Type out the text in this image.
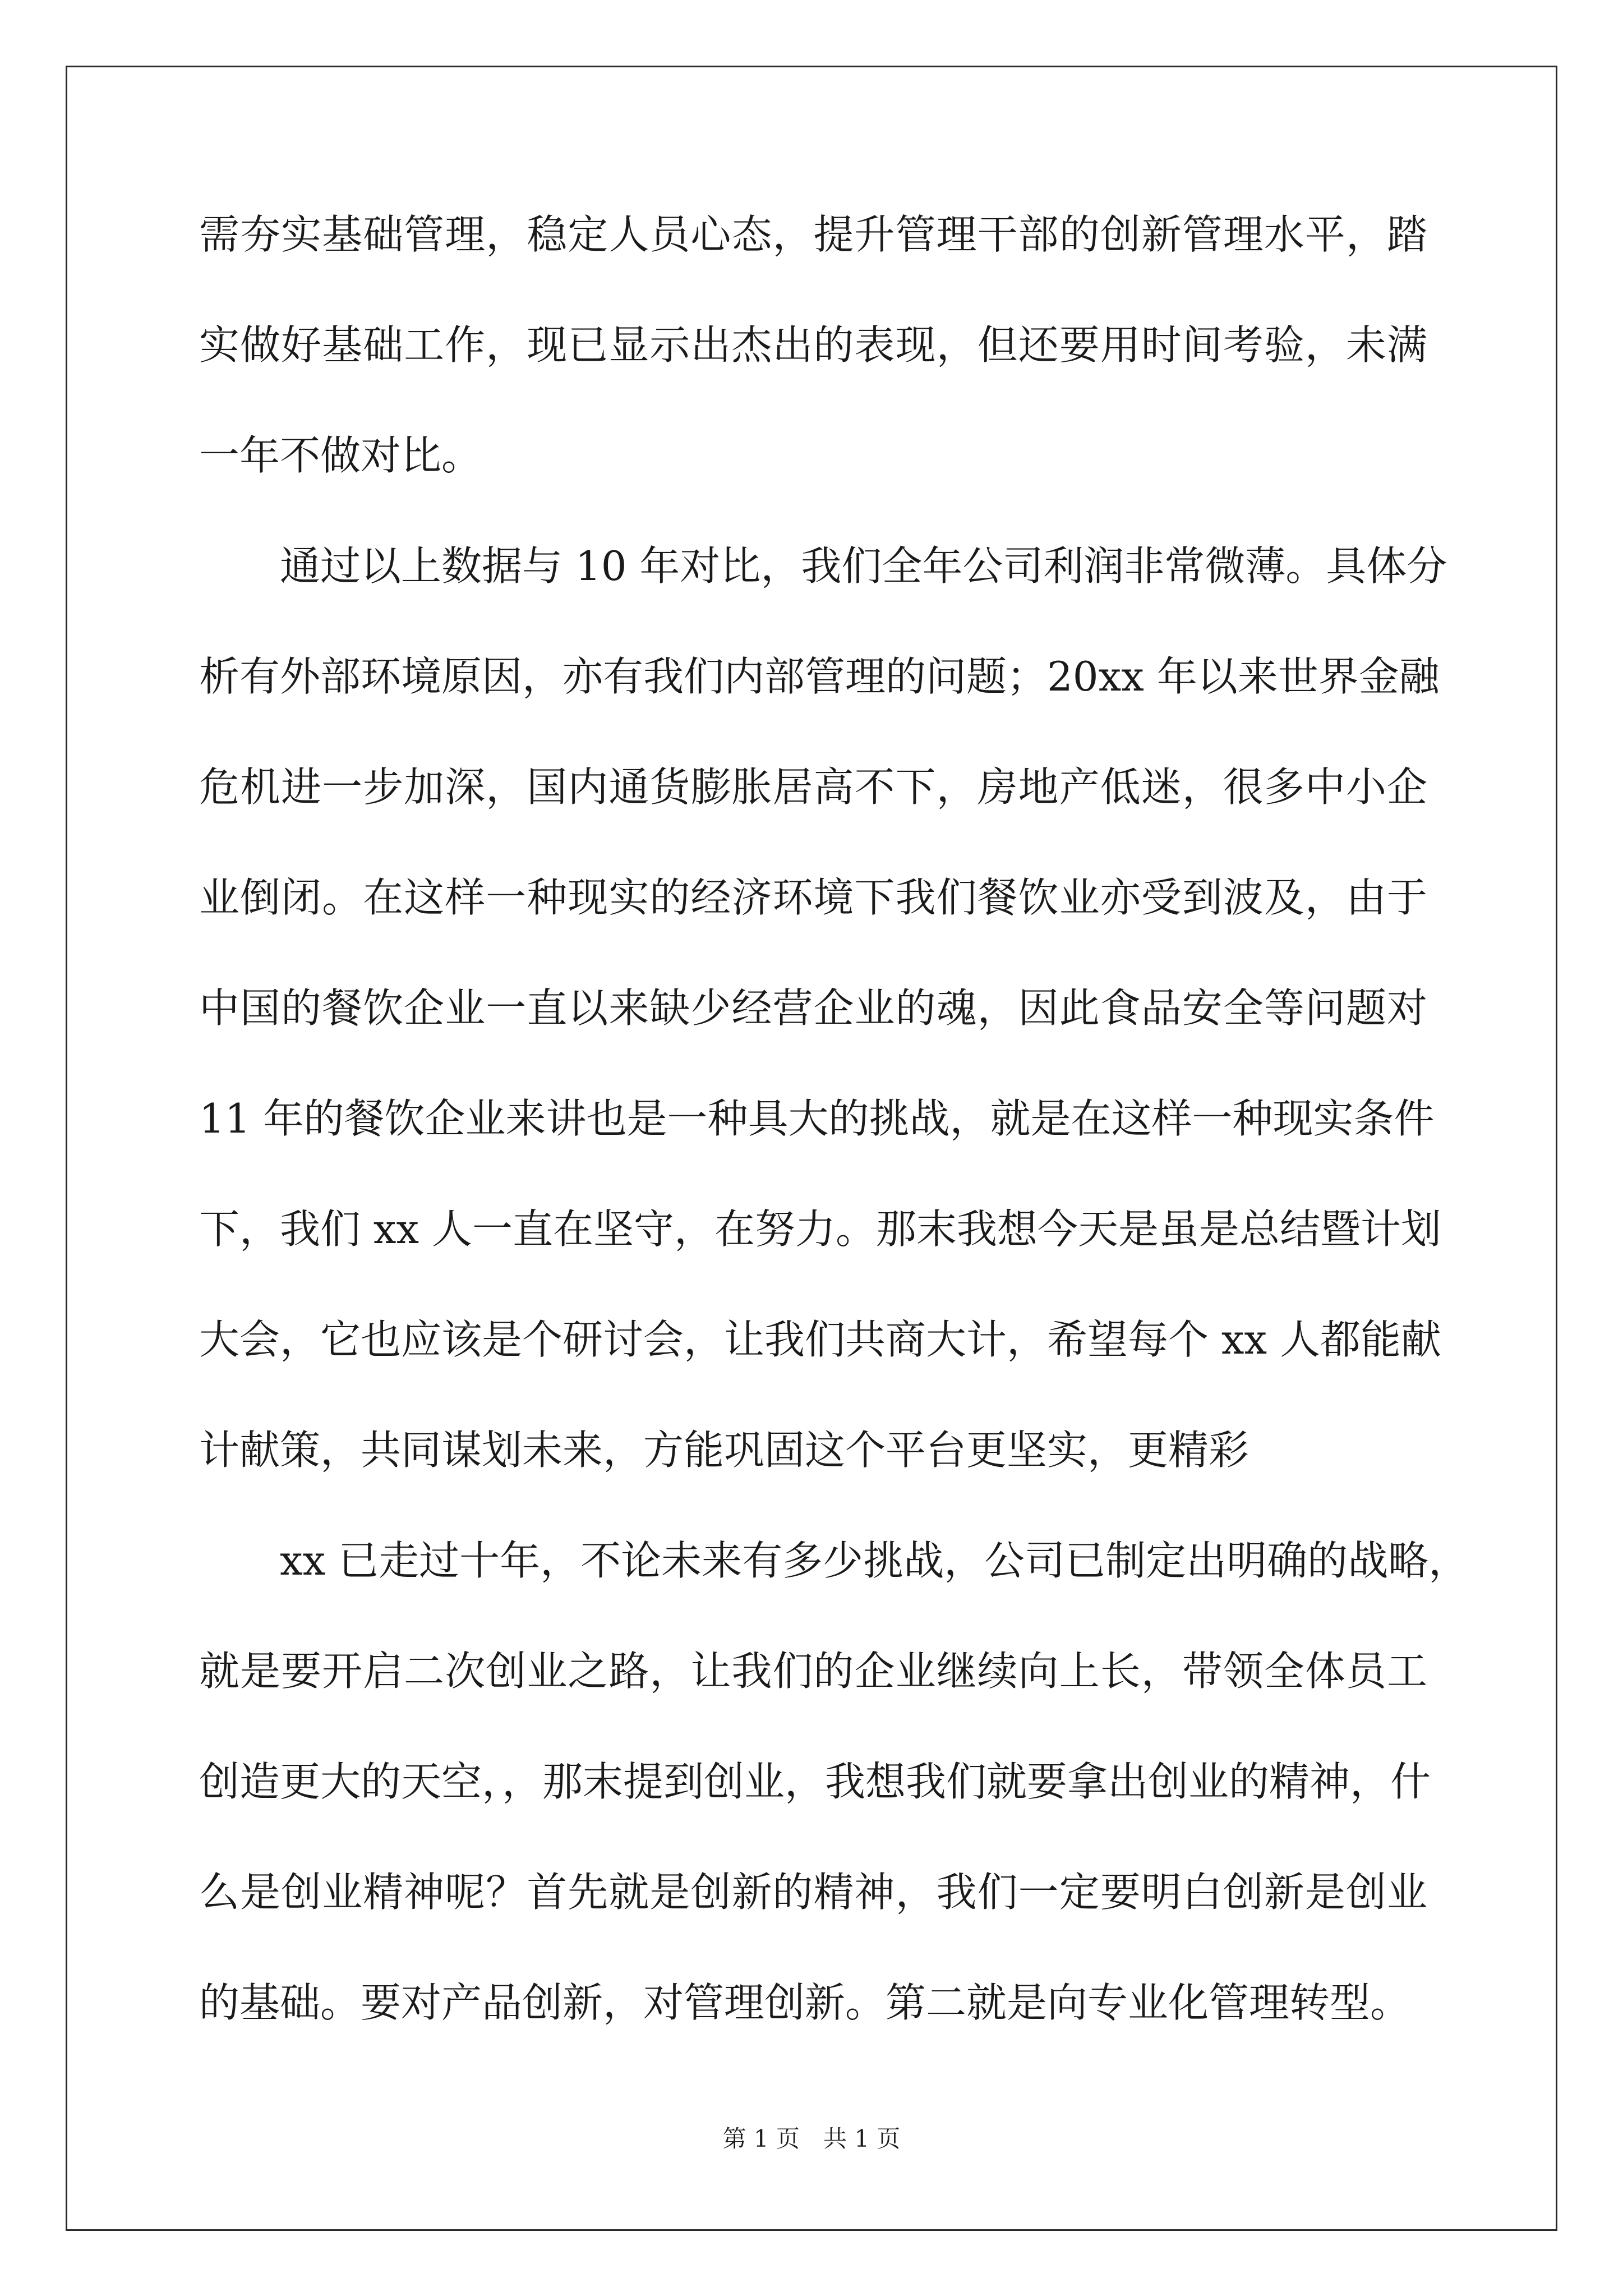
需夯实基础管理，稳定人员心态，提升管理干部的创新管理水平，踏
实做好基础工作，现已显示出杰出的表现，但还要用时间考验，未满
一年不做对比。
通过以上数据与 10 年对比，我们全年公司利润非常微薄。具体分
析有外部环境原因，亦有我们内部管理的问题；20xx 年以来世界金融
危机进一步加深，国内通货膨胀居高不下，房地产低迷，很多中小企
业倒闭。在这样一种现实的经济环境下我们餐饮业亦受到波及，由于
中国的餐饮企业一直以来缺少经营企业的魂，因此食品安全等问题对
11 年的餐饮企业来讲也是一种具大的挑战，就是在这样一种现实条件
下，我们 xx 人一直在坚守，在努力。那末我想今天是虽是总结暨计划
大会，它也应该是个研讨会，让我们共商大计，希望每个 xx 人都能献
计献策，共同谋划未来，方能巩固这个平台更坚实，更精彩
xx 已走过十年，不论未来有多少挑战，公司已制定出明确的战略，
就是要开启二次创业之路，让我们的企业继续向上长，带领全体员工
创造更大的天空，，那末提到创业，我想我们就要拿出创业的精神，什
么是创业精神呢？首先就是创新的精神，我们一定要明白创新是创业
的基础。要对产品创新，对管理创新。第二就是向专业化管理转型。
第 1 页　共 1 页
